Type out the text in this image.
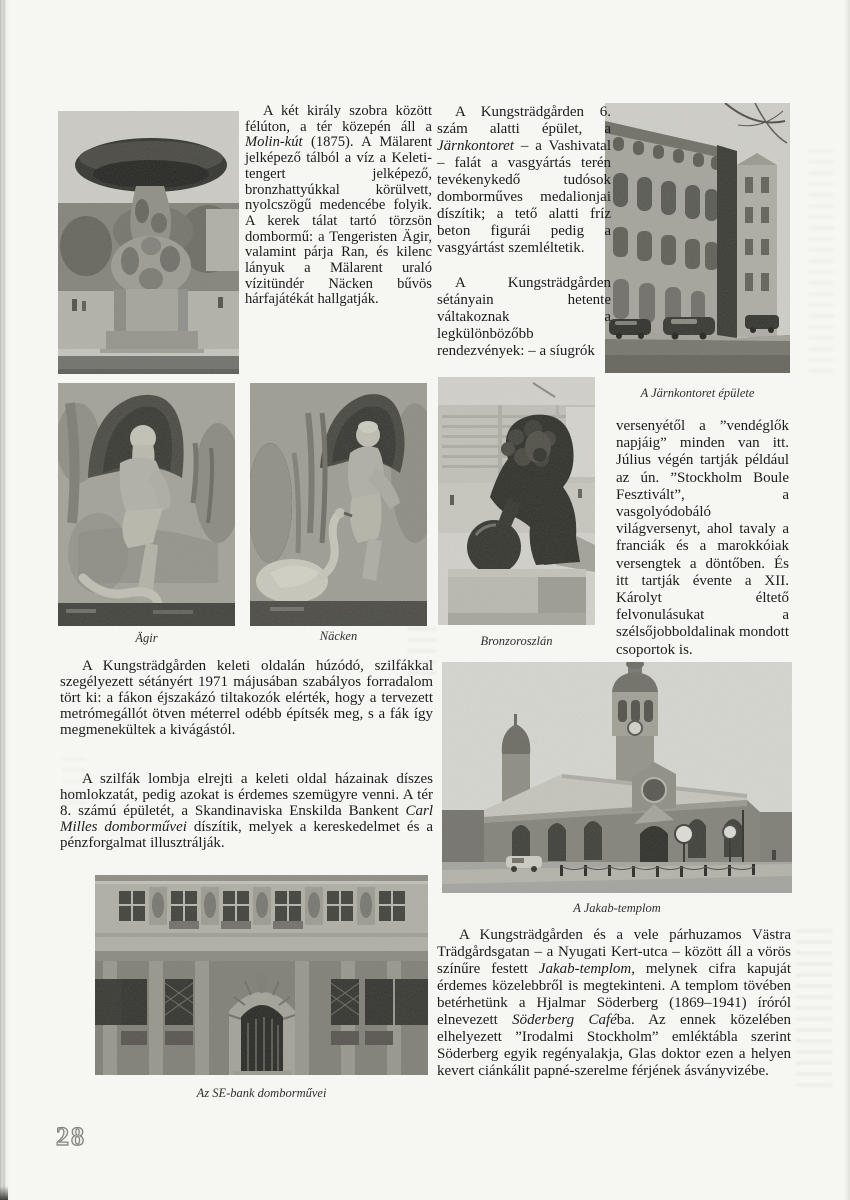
A két király szobra között félúton, a tér közepén áll a Molin-kút (1875). A Mälarent jelképező tálból a víz a Keleti-tengert jelképező, bronzhattyúkkal körülvett, nyolcszögű medencébe folyik. A kerek tálat tartó törzsön dombormű: a Tengeristen Ägir, valamint párja Ran, és kilenc lányuk a Mälarent uraló vízitündér Näcken bűvös hárfajátékát hallgatják.
A Kungsträdgården 6. szám alatti épület, a Järnkontoret – a Vashivatal – falát a vasgyártás terén tevékenykedő tudósok domborműves medalionjai díszítik; a tető alatti fríz beton figurái pedig a vasgyártást szemléltetik.
A Kungsträdgården sétányain hetente váltakoznak a legkülönbözőbb rendezvények: – a síugrók
versenyétől a ”vendéglők napjáig” minden van itt. Július végén tartják például az ún. ”Stockholm Boule Fesztivált”, a vasgolyódobáló világversenyt, ahol tavaly a franciák és a marokkóiak versengtek a döntőben. És itt tartják évente a XII. Károlyt éltető felvonulásukat a szélsőjobboldalinak mondott csoportok is.
A Kungsträdgården keleti oldalán húzódó, szilfákkal szegélyezett sétányért 1971 májusában szabályos forradalom tört ki: a fákon éjszakázó tiltakozók elérték, hogy a tervezett metrómegállót ötven méterrel odébb építsék meg, s a fák így megmenekültek a kivágástól.
A szilfák lombja elrejti a keleti oldal házainak díszes homlokzatát, pedig azokat is érdemes szemügyre venni. A tér 8. számú épületét, a Skandinaviska Enskilda Bankent Carl Milles domborművei díszítik, melyek a kereskedelmet és a pénzforgalmat illusztrálják.
A Kungsträdgården és a vele párhuzamos Västra Trädgårdsgatan – a Nyugati Kert-utca – között áll a vörös színűre festett Jakab-templom, melynek cifra kapuját érdemes közelebbről is megtekinteni. A templom tövében betérhetünk a Hjalmar Söderberg (1869–1941) íróról elnevezett Söderberg Caféba. Az ennek közelében elhelyezett ”Irodalmi Stockholm” emléktábla szerint Söderberg egyik regényalakja, Glas doktor ezen a helyen kevert ciánkálit papné-szerelme férjének ásványvizébe.
Ägir	Näcken
A Järnkontoret épülete
Bronzoroszlán
A Jakab-templom
Az SE-bank domborművei
28
